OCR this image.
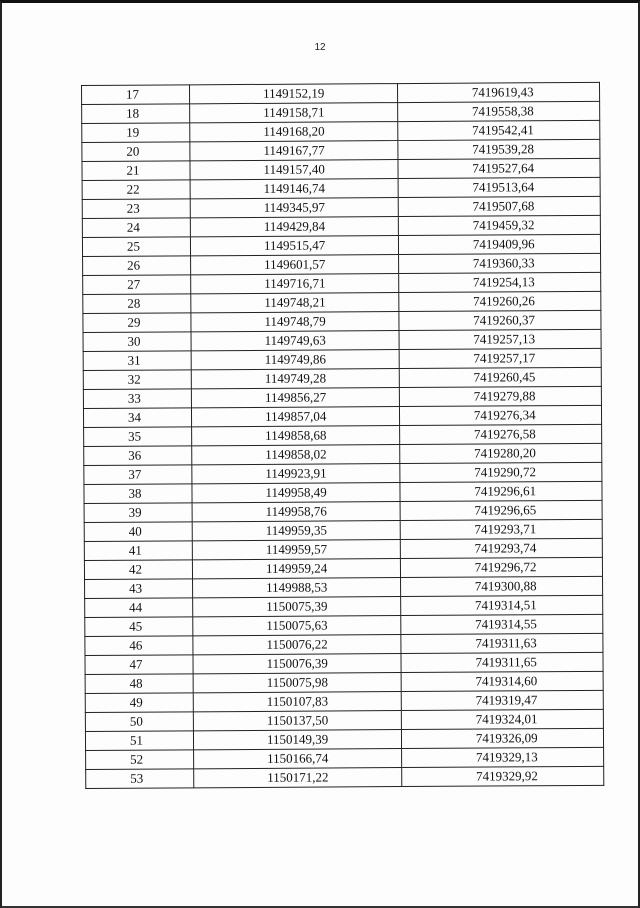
12
17	1149152,19	7419619,43
18	1149158,71	7419558,38
19	1149168,20	7419542,41
20	1149167,77	7419539,28
21	1149157,40	7419527,64
22	1149146,74	7419513,64
23	1149345,97	7419507,68
24	1149429,84	7419459,32
25	1149515,47	7419409,96
26	1149601,57	7419360,33
27	1149716,71	7419254,13
28	1149748,21	7419260,26
29	1149748,79	7419260,37
30	1149749,63	7419257,13
31	1149749,86	7419257,17
32	1149749,28	7419260,45
33	1149856,27	7419279,88
34	1149857,04	7419276,34
35	1149858,68	7419276,58
36	1149858,02	7419280,20
37	1149923,91	7419290,72
38	1149958,49	7419296,61
39	1149958,76	7419296,65
40	1149959,35	7419293,71
41	1149959,57	7419293,74
42	1149959,24	7419296,72
43	1149988,53	7419300,88
44	1150075,39	7419314,51
45	1150075,63	7419314,55
46	1150076,22	7419311,63
47	1150076,39	7419311,65
48	1150075,98	7419314,60
49	1150107,83	7419319,47
50	1150137,50	7419324,01
51	1150149,39	7419326,09
52	1150166,74	7419329,13
53	1150171,22	7419329,92
